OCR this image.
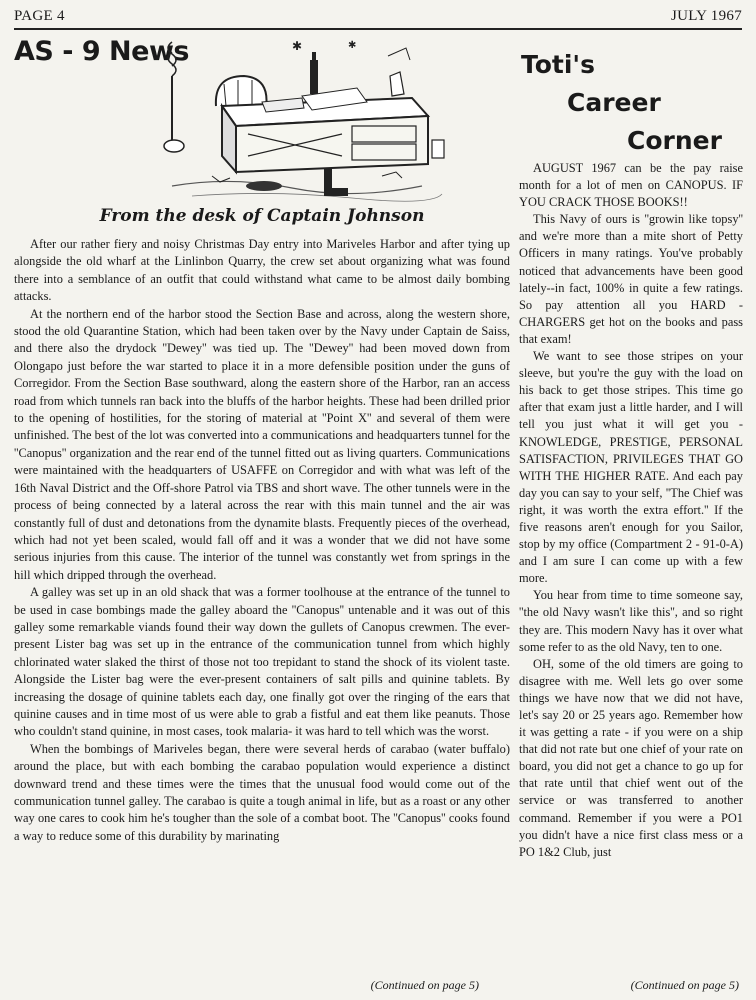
PAGE 4	JULY 1967
AS - 9 News	✱	✱
From the desk of Captain Johnson

After our rather fiery and noisy Christmas Day entry into Mariveles Harbor and after tying up alongside the old wharf at the Linlinbon Quarry, the crew set about organizing what was found there into a semblance of an outfit that could withstand what came to be almost daily bombing attacks.

At the northern end of the harbor stood the Section Base and across, along the western shore, stood the old Quarantine Station, which had been taken over by the Navy under Captain de Saiss, and there also the drydock ''Dewey'' was tied up. The ''Dewey'' had been moved down from Olongapo just before the war started to place it in a more defensible position under the guns of Corregidor. From the Section Base southward, along the eastern shore of the Harbor, ran an access road from which tunnels ran back into the bluffs of the harbor heights. These had been drilled prior to the opening of hostilities, for the storing of material at ''Point X'' and several of them were unfinished. The best of the lot was converted into a communications and headquarters tunnel for the ''Canopus'' organization and the rear end of the tunnel fitted out as living quarters. Communications were maintained with the headquarters of USAFFE on Corregidor and with what was left of the 16th Naval District and the Off-shore Patrol via TBS and short wave. The other tunnels were in the process of being connected by a lateral across the rear with this main tunnel and the air was constantly full of dust and detonations from the dynamite blasts. Frequently pieces of the overhead, which had not yet been scaled, would fall off and it was a wonder that we did not have some serious injuries from this cause. The interior of the tunnel was constantly wet from springs in the hill which dripped through the overhead.

A galley was set up in an old shack that was a former toolhouse at the entrance of the tunnel to be used in case bombings made the galley aboard the ''Canopus'' untenable and it was out of this galley some remarkable viands found their way down the gullets of Canopus crewmen. The ever-present Lister bag was set up in the entrance of the communication tunnel from which highly chlorinated water slaked the thirst of those not too trepidant to stand the shock of its violent taste. Alongside the Lister bag were the ever-present containers of salt pills and quinine tablets. By increasing the dosage of quinine tablets each day, one finally got over the ringing of the ears that quinine causes and in time most of us were able to grab a fistful and eat them like peanuts. Those who couldn't stand quinine, in most cases, took malaria- it was hard to tell which was the worst.

When the bombings of Mariveles began, there were several herds of carabao (water buffalo) around the place, but with each bombing the carabao population would experience a distinct downward trend and these times were the times that the unusual food would come out of the communication tunnel galley. The carabao is quite a tough animal in life, but as a roast or any other way one cares to cook him he's tougher than the sole of a combat boot. The ''Canopus'' cooks found a way to reduce some of this durability by marinating

(Continued on page 5)
Toti's
Career
Corner

AUGUST 1967 can be the pay raise month for a lot of men on CANOPUS. IF YOU CRACK THOSE BOOKS!!

This Navy of ours is ''growin like topsy'' and we're more than a mite short of Petty Officers in many ratings. You've probably noticed that advancements have been good lately--in fact, 100% in quite a few ratings. So pay attention all you HARD - CHARGERS get hot on the books and pass that exam!

We want to see those stripes on your sleeve, but you're the guy with the load on his back to get those stripes. This time go after that exam just a little harder, and I will tell you just what it will get you - KNOWLEDGE, PRESTIGE, PERSONAL SATISFACTION, PRIVILEGES THAT GO WITH THE HIGHER RATE. And each pay day you can say to your self, ''The Chief was right, it was worth the extra effort.'' If the five reasons aren't enough for you Sailor, stop by my office (Compartment 2 - 91-0-A) and I am sure I can come up with a few more.

You hear from time to time someone say, ''the old Navy wasn't like this'', and so right they are. This modern Navy has it over what some refer to as the old Navy, ten to one.

OH, some of the old timers are going to disagree with me. Well lets go over some things we have now that we did not have, let's say 20 or 25 years ago. Remember how it was getting a rate - if you were on a ship that did not rate but one chief of your rate on board, you did not get a chance to go up for that rate until that chief went out of the service or was transferred to another command. Remember if you were a PO1 you didn't have a nice first class mess or a PO 1&2 Club, just

(Continued on page 5)
